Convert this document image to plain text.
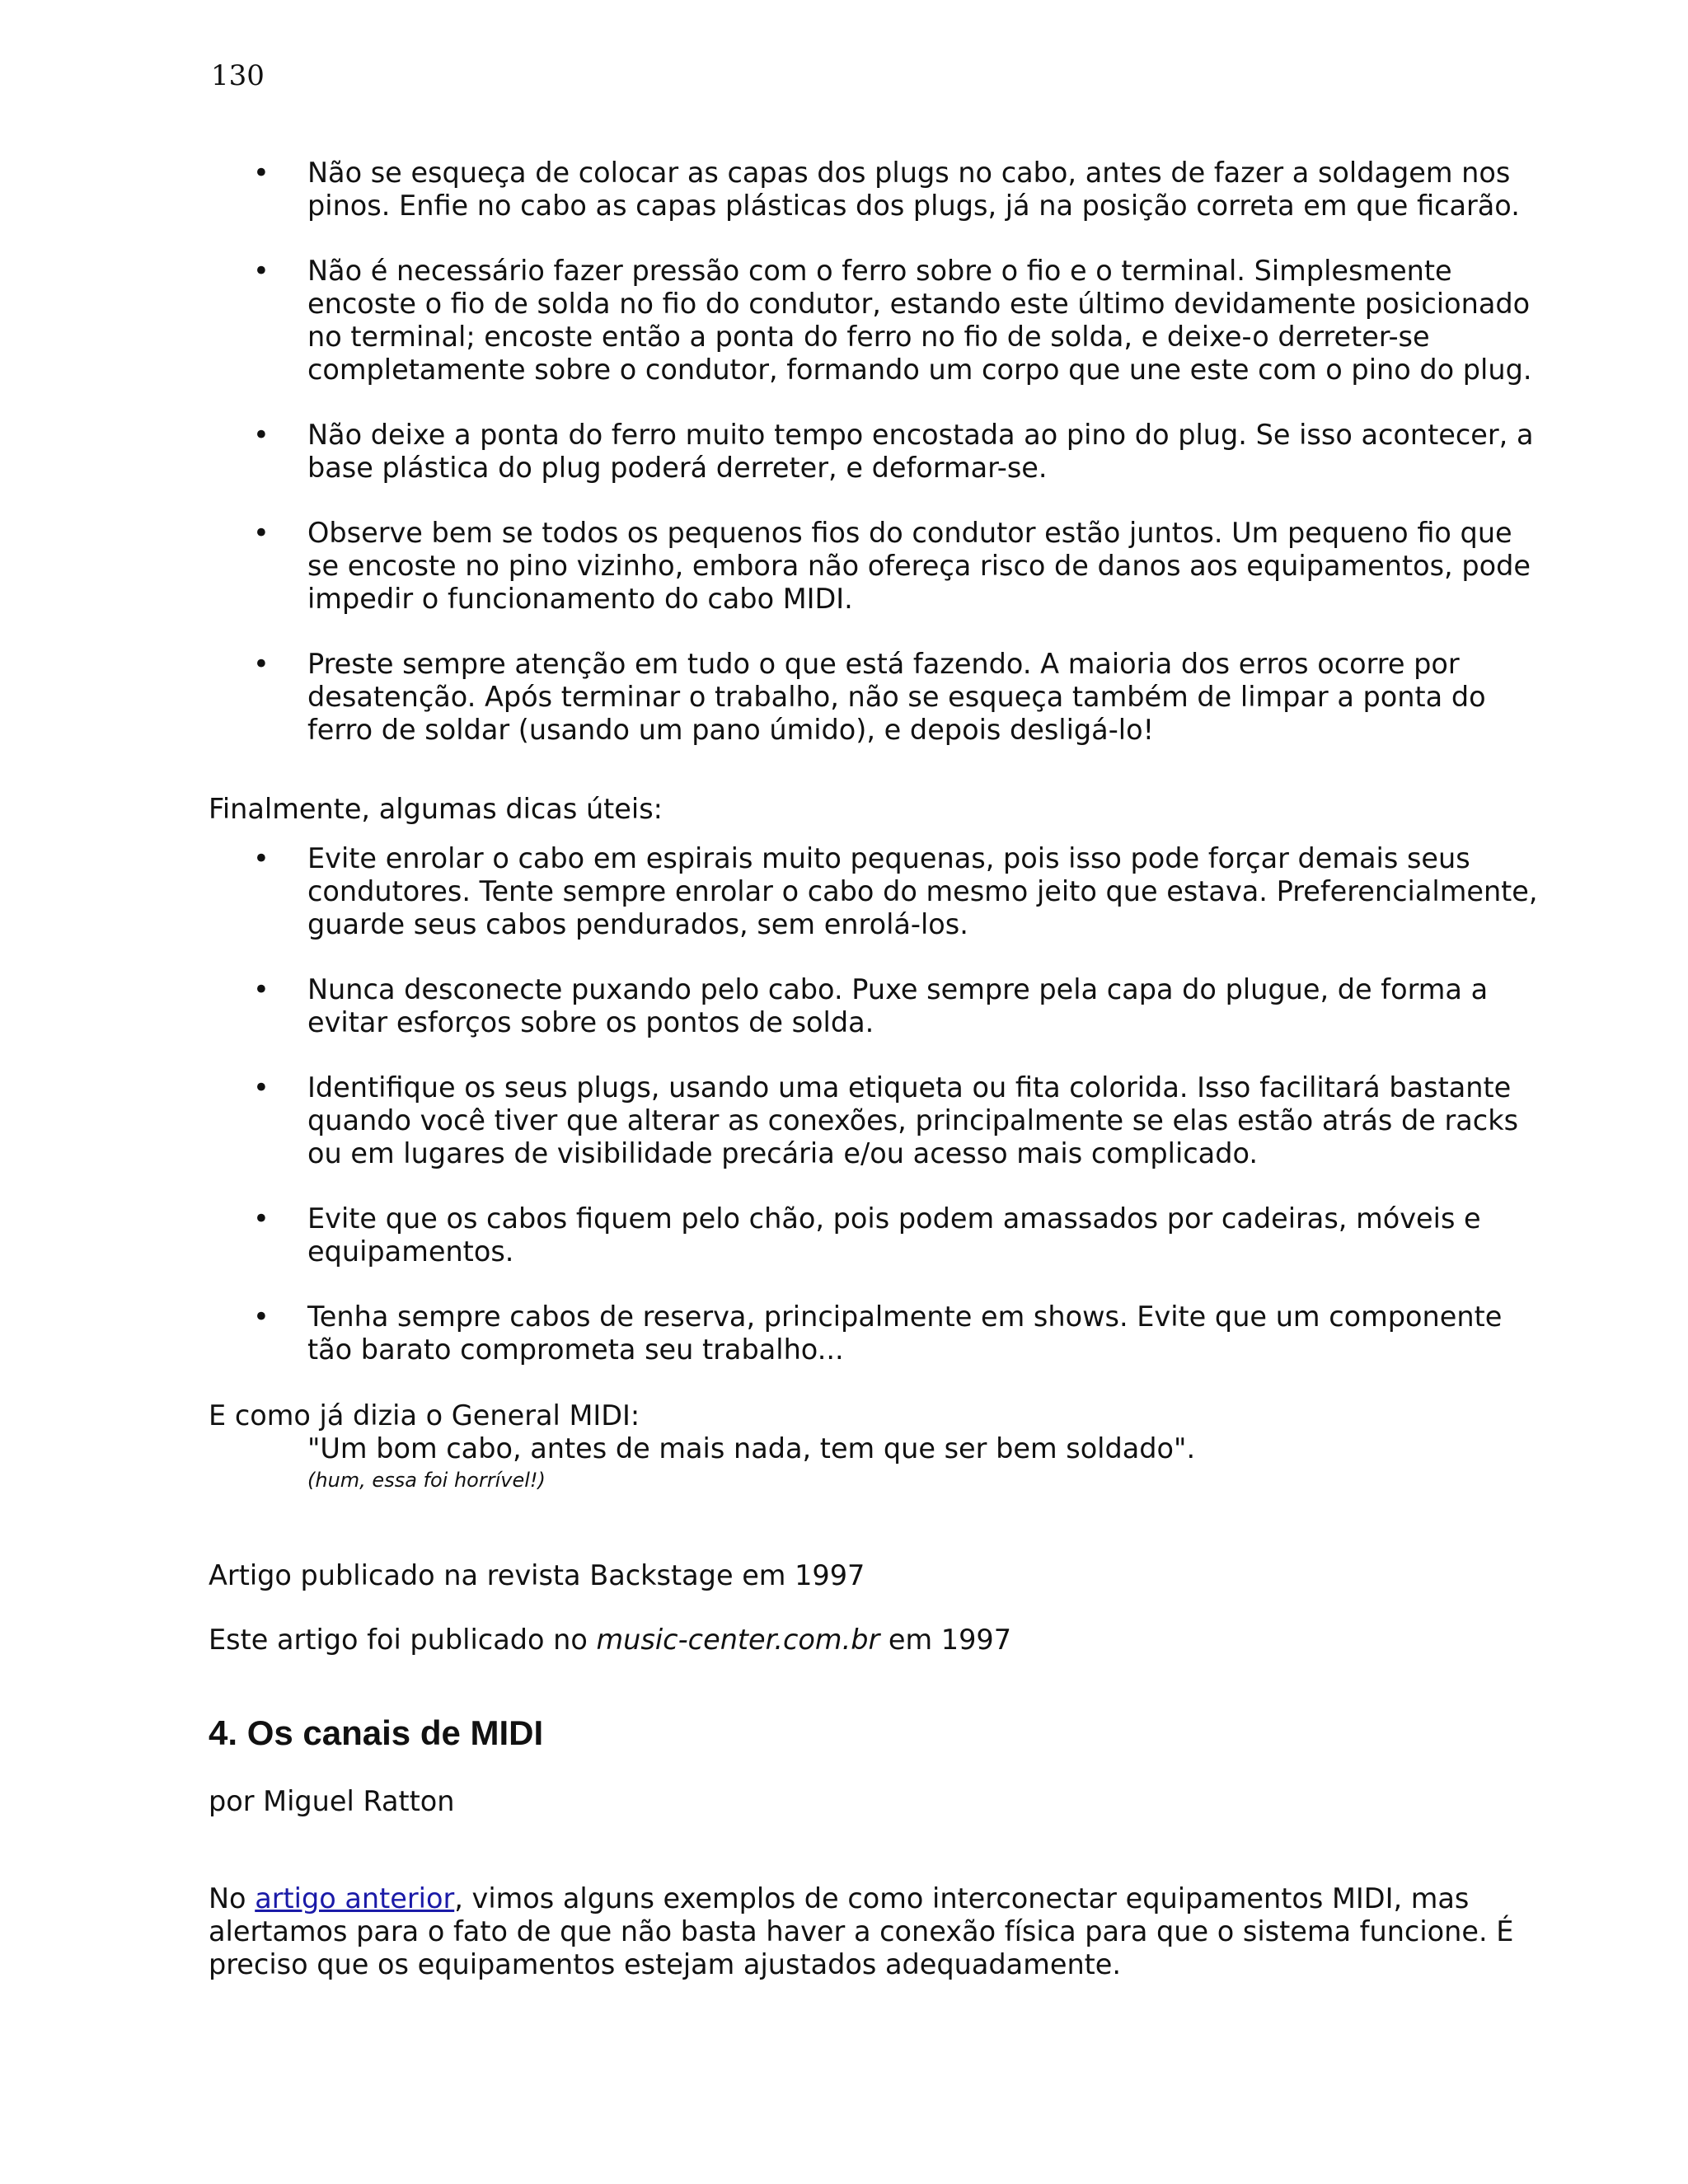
130
• Não se esqueça de colocar as capas dos plugs no cabo, antes de fazer a soldagem nos pinos. Enfie no cabo as capas plásticas dos plugs, já na posição correta em que ficarão.
• Não é necessário fazer pressão com o ferro sobre o fio e o terminal. Simplesmente encoste o fio de solda no fio do condutor, estando este último devidamente posicionado no terminal; encoste então a ponta do ferro no fio de solda, e deixe-o derreter-se completamente sobre o condutor, formando um corpo que une este com o pino do plug.
• Não deixe a ponta do ferro muito tempo encostada ao pino do plug. Se isso acontecer, a base plástica do plug poderá derreter, e deformar-se.
• Observe bem se todos os pequenos fios do condutor estão juntos. Um pequeno fio que se encoste no pino vizinho, embora não ofereça risco de danos aos equipamentos, pode impedir o funcionamento do cabo MIDI.
• Preste sempre atenção em tudo o que está fazendo. A maioria dos erros ocorre por desatenção. Após terminar o trabalho, não se esqueça também de limpar a ponta do ferro de soldar (usando um pano úmido), e depois desligá-lo!
Finalmente, algumas dicas úteis:
• Evite enrolar o cabo em espirais muito pequenas, pois isso pode forçar demais seus condutores. Tente sempre enrolar o cabo do mesmo jeito que estava. Preferencialmente, guarde seus cabos pendurados, sem enrolá-los.
• Nunca desconecte puxando pelo cabo. Puxe sempre pela capa do plugue, de forma a evitar esforços sobre os pontos de solda.
• Identifique os seus plugs, usando uma etiqueta ou fita colorida. Isso facilitará bastante quando você tiver que alterar as conexões, principalmente se elas estão atrás de racks ou em lugares de visibilidade precária e/ou acesso mais complicado.
• Evite que os cabos fiquem pelo chão, pois podem amassados por cadeiras, móveis e equipamentos.
• Tenha sempre cabos de reserva, principalmente em shows. Evite que um componente tão barato comprometa seu trabalho...
E como já dizia o General MIDI:
"Um bom cabo, antes de mais nada, tem que ser bem soldado".
(hum, essa foi horrível!)
Artigo publicado na revista Backstage em 1997
Este artigo foi publicado no music-center.com.br em 1997
4. Os canais de MIDI
por Miguel Ratton
No artigo anterior, vimos alguns exemplos de como interconectar equipamentos MIDI, mas alertamos para o fato de que não basta haver a conexão física para que o sistema funcione. É preciso que os equipamentos estejam ajustados adequadamente.
